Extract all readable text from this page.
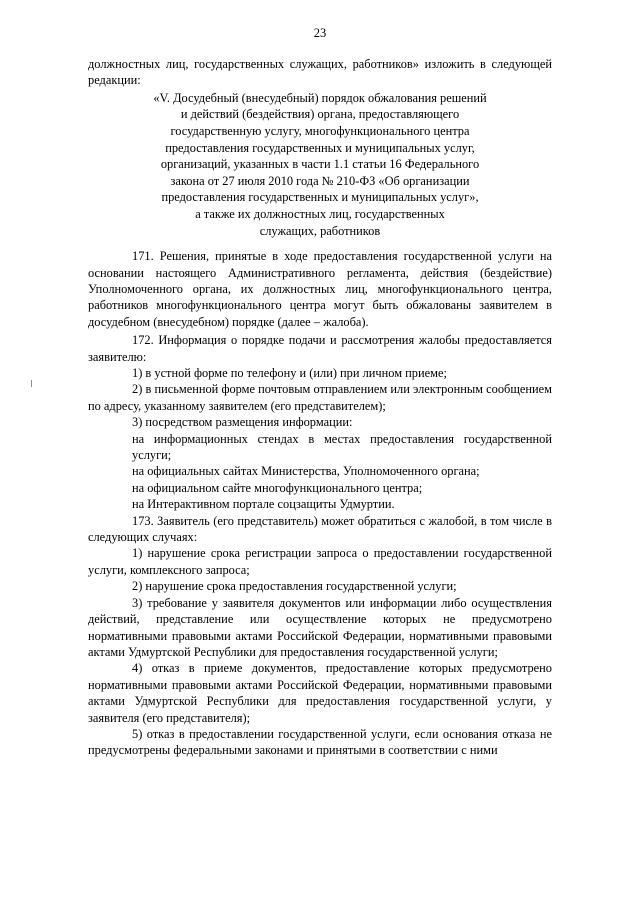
23

должностных лиц, государственных служащих, работников» изложить в следующей редакции:

«V. Досудебный (внесудебный) порядок обжалования решений

и действий (бездействия) органа, предоставляющего

государственную услугу, многофункционального центра

предоставления государственных и муниципальных услуг,

организаций, указанных в части 1.1 статьи 16 Федерального

закона от 27 июля 2010 года № 210-ФЗ «Об организации

предоставления государственных и муниципальных услуг»,

а также их должностных лиц, государственных

служащих, работников

171. Решения, принятые в ходе предоставления государственной услуги на основании настоящего Административного регламента, действия (бездействие) Уполномоченного органа, их должностных лиц, многофункционального центра, работников многофункционального центра могут быть обжалованы заявителем в досудебном (внесудебном) порядке (далее – жалоба).

172. Информация о порядке подачи и рассмотрения жалобы предоставляется заявителю:

1) в устной форме по телефону и (или) при личном приеме;

2) в письменной форме почтовым отправлением или электронным сообщением по адресу, указанному заявителем (его представителем);

3) посредством размещения информации:

на информационных стендах в местах предоставления государственной услуги;

на официальных сайтах Министерства, Уполномоченного органа;

на официальном сайте многофункционального центра;

на Интерактивном портале соцзащиты Удмуртии.

173. Заявитель (его представитель) может обратиться с жалобой, в том числе в следующих случаях:

1) нарушение срока регистрации запроса о предоставлении государственной услуги, комплексного запроса;

2) нарушение срока предоставления государственной услуги;

3) требование у заявителя документов или информации либо осуществления действий, представление или осуществление которых не предусмотрено нормативными правовыми актами Российской Федерации, нормативными правовыми актами Удмуртской Республики для предоставления государственной услуги;

4) отказ в приеме документов, предоставление которых предусмотрено нормативными правовыми актами Российской Федерации, нормативными правовыми актами Удмуртской Республики для предоставления государственной услуги, у заявителя (его представителя);

5) отказ в предоставлении государственной услуги, если основания отказа не предусмотрены федеральными законами и принятыми в соответствии с ними
